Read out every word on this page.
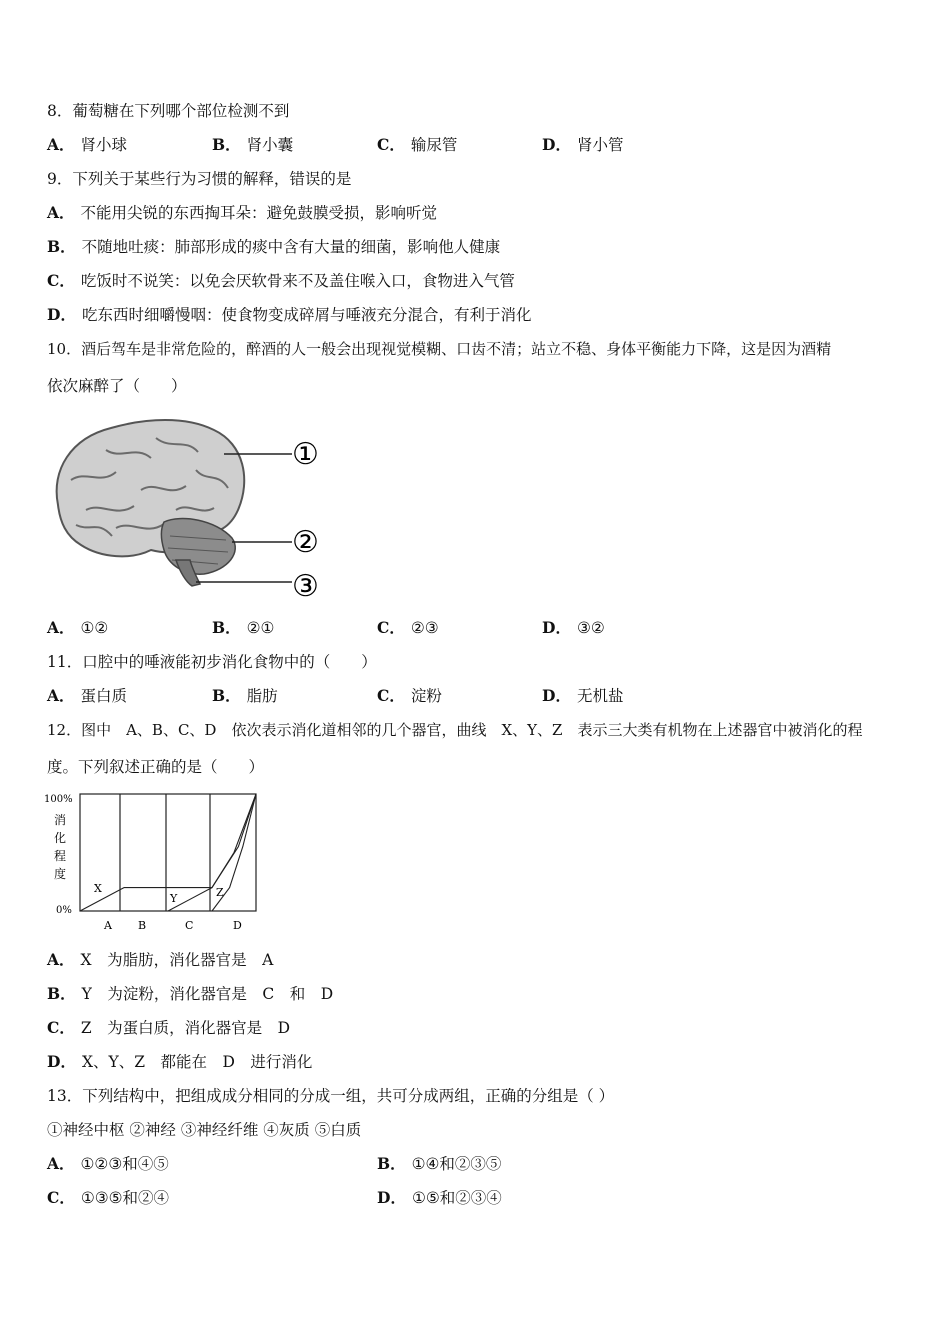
8．葡萄糖在下列哪个部位检测不到
A． 肾小球	B． 肾小囊	C． 输尿管	D． 肾小管
9．下列关于某些行为习惯的解释，错误的是
A． 不能用尖锐的东西掏耳朵：避免鼓膜受损，影响听觉
B． 不随地吐痰：肺部形成的痰中含有大量的细菌，影响他人健康
C． 吃饭时不说笑：以免会厌软骨来不及盖住喉入口，食物进入气管
D． 吃东西时细嚼慢咽：使食物变成碎屑与唾液充分混合，有利于消化
10．酒后驾车是非常危险的，醉酒的人一般会出现视觉模糊、口齿不清；站立不稳、身体平衡能力下降，这是因为酒精
依次麻醉了（　　）
①
②
③
A． ①②	B． ②①	C． ②③	D． ③②
11．口腔中的唾液能初步消化食物中的（　　）
A． 蛋白质	B． 脂肪	C． 淀粉	D． 无机盐
12．图中　A、B、C、D　依次表示消化道相邻的几个器官，曲线　X、Y、Z　表示三大类有机物在上述器官中被消化的程
度。下列叙述正确的是（　　）
100%
0%
消
化
程
度
A B	C	D
X
Y	Z
A． X　为脂肪，消化器官是　A
B． Y　为淀粉，消化器官是　C　和　D
C． Z　为蛋白质，消化器官是　D
D． X、Y、Z　都能在　D　进行消化
13．下列结构中，把组成成分相同的分成一组，共可分成两组，正确的分组是（ ）
①神经中枢 ②神经 ③神经纤维 ④灰质 ⑤白质
A． ①②③和④⑤	B． ①④和②③⑤
C． ①③⑤和②④	D． ①⑤和②③④
